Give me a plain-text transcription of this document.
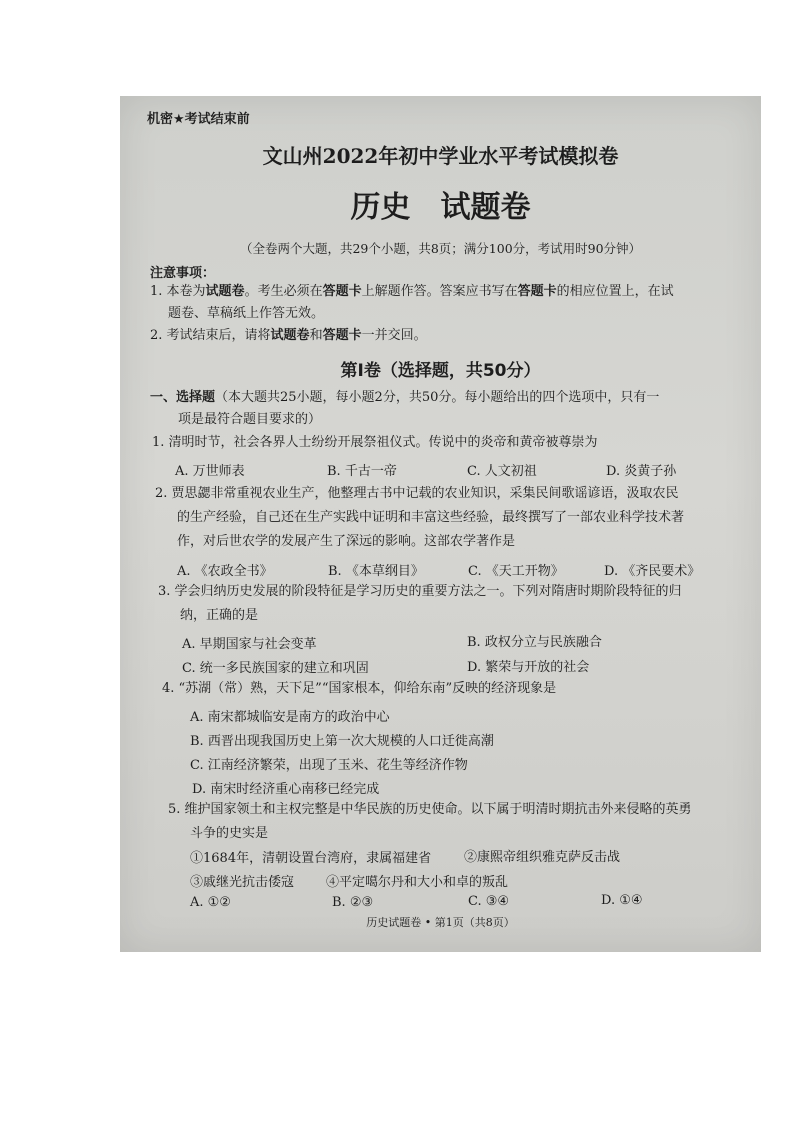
机密★考试结束前
文山州2022年初中学业水平考试模拟卷
历史 试题卷
（全卷两个大题，共29个小题，共8页；满分100分，考试用时90分钟）
注意事项：
1. 本卷为试题卷。考生必须在答题卡上解题作答。答案应书写在答题卡的相应位置上，在试
题卷、草稿纸上作答无效。
2. 考试结束后，请将试题卷和答题卡一并交回。
第Ⅰ卷（选择题，共50分）
一、选择题（本大题共25小题，每小题2分，共50分。每小题给出的四个选项中，只有一
项是最符合题目要求的）
1. 清明时节，社会各界人士纷纷开展祭祖仪式。传说中的炎帝和黄帝被尊崇为
A. 万世师表	B. 千古一帝	C. 人文初祖	D. 炎黄子孙
2. 贾思勰非常重视农业生产，他整理古书中记载的农业知识，采集民间歌谣谚语，汲取农民
的生产经验，自己还在生产实践中证明和丰富这些经验，最终撰写了一部农业科学技术著
作，对后世农学的发展产生了深远的影响。这部农学著作是
A. 《农政全书》	B. 《本草纲目》	C. 《天工开物》	D. 《齐民要术》
3. 学会归纳历史发展的阶段特征是学习历史的重要方法之一。下列对隋唐时期阶段特征的归
纳，正确的是
A. 早期国家与社会变革	B. 政权分立与民族融合
C. 统一多民族国家的建立和巩固	D. 繁荣与开放的社会
4. “苏湖（常）熟，天下足”“国家根本，仰给东南”反映的经济现象是
A. 南宋都城临安是南方的政治中心
B. 西晋出现我国历史上第一次大规模的人口迁徙高潮
C. 江南经济繁荣，出现了玉米、花生等经济作物
D. 南宋时经济重心南移已经完成
5. 维护国家领土和主权完整是中华民族的历史使命。以下属于明清时期抗击外来侵略的英勇
斗争的史实是
①1684年，清朝设置台湾府，隶属福建省	②康熙帝组织雅克萨反击战
③戚继光抗击倭寇 ④平定噶尔丹和大小和卓的叛乱
A. ①②	B. ②③	C. ③④	D. ①④
历史试题卷 • 第1页（共8页）
